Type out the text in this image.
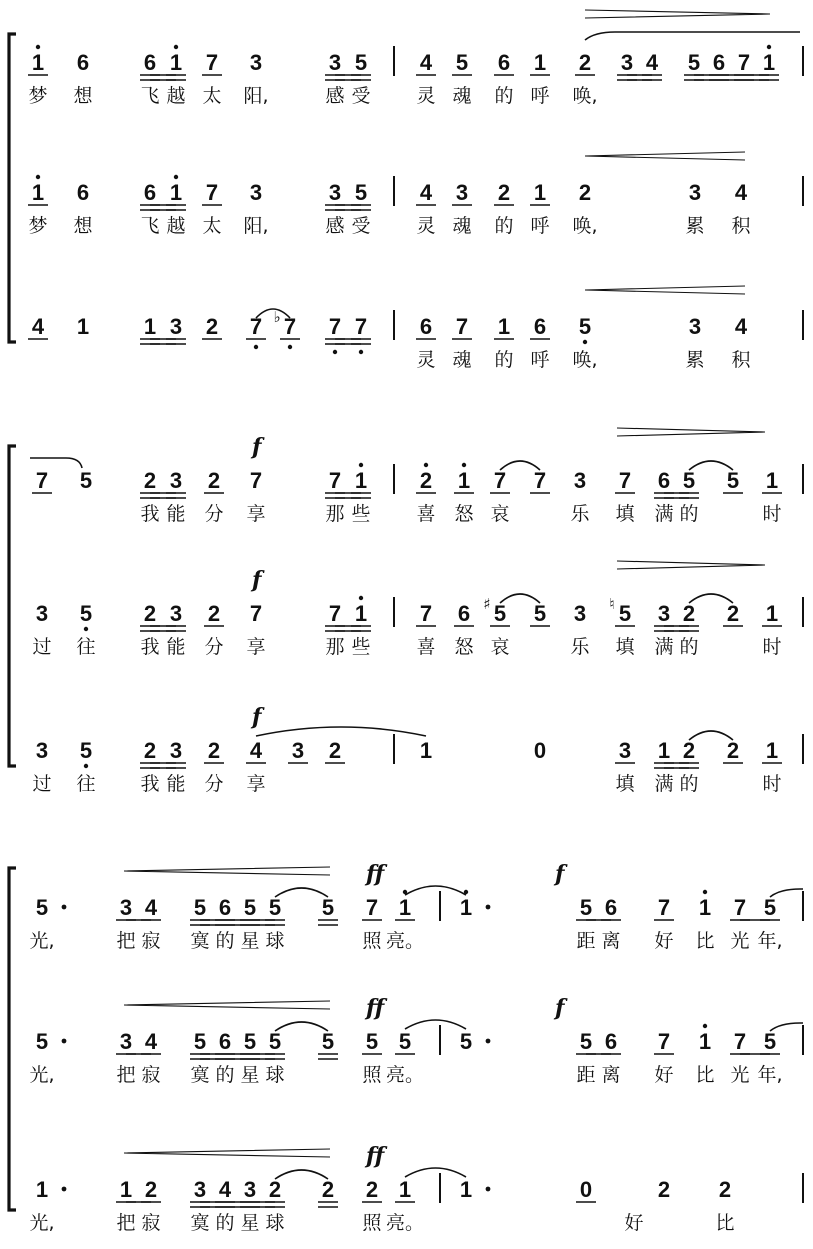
1 6 6 1 7 3	3 5 4 5 6 1 2 3 4 5 6 7 1
梦 想	飞 越 太 阳,	感 受 灵 魂 的 呼 唤,
1 6 6 1 7 3	3 5 4 3 2 1 2	3 4
梦 想	飞 越 太 阳,	感 受 灵 魂 的 呼 唤,	累 积
4 1 1 3 2 7 7
♭ 7 7 6 7 1 6 5	3 4
灵 魂 的 呼 唤,	累 积
7 5 2 3 2 7	7 1 2 1 7 7 3 7 6 5 5 1
我 能 分 享	那 些 喜 怒 哀	乐 填 满 的	时
3 5 2 3 2 7	7 1 7 6 5
♯ 5 3 5
♮ 3 2 2 1
过 往 我 能 分 享	那 些 喜 怒 哀	乐 填 满 的	时
3 5 2 3 2 4 3 2	1	0	3 1 2 2 1
过 往 我 能 分 享	填 满 的	时
f
f
f
5	3 4 5 6 5 5 5 7 1 1	5 6 7 1 7 5
ff	f
光,	把 寂 寞 的 星 球	照 亮。	距 离 好 比 光 年,
5	3 4 5 6 5 5 5 5 5 5	5 6 7 1 7 5
ff	f
光,	把 寂 寞 的 星 球	照 亮。	距 离 好 比 光 年,
1	1 2 3 4 3 2 2 2 1 1	0	2 2
ff
光,	把 寂 寞 的 星 球	照 亮。	好	比
